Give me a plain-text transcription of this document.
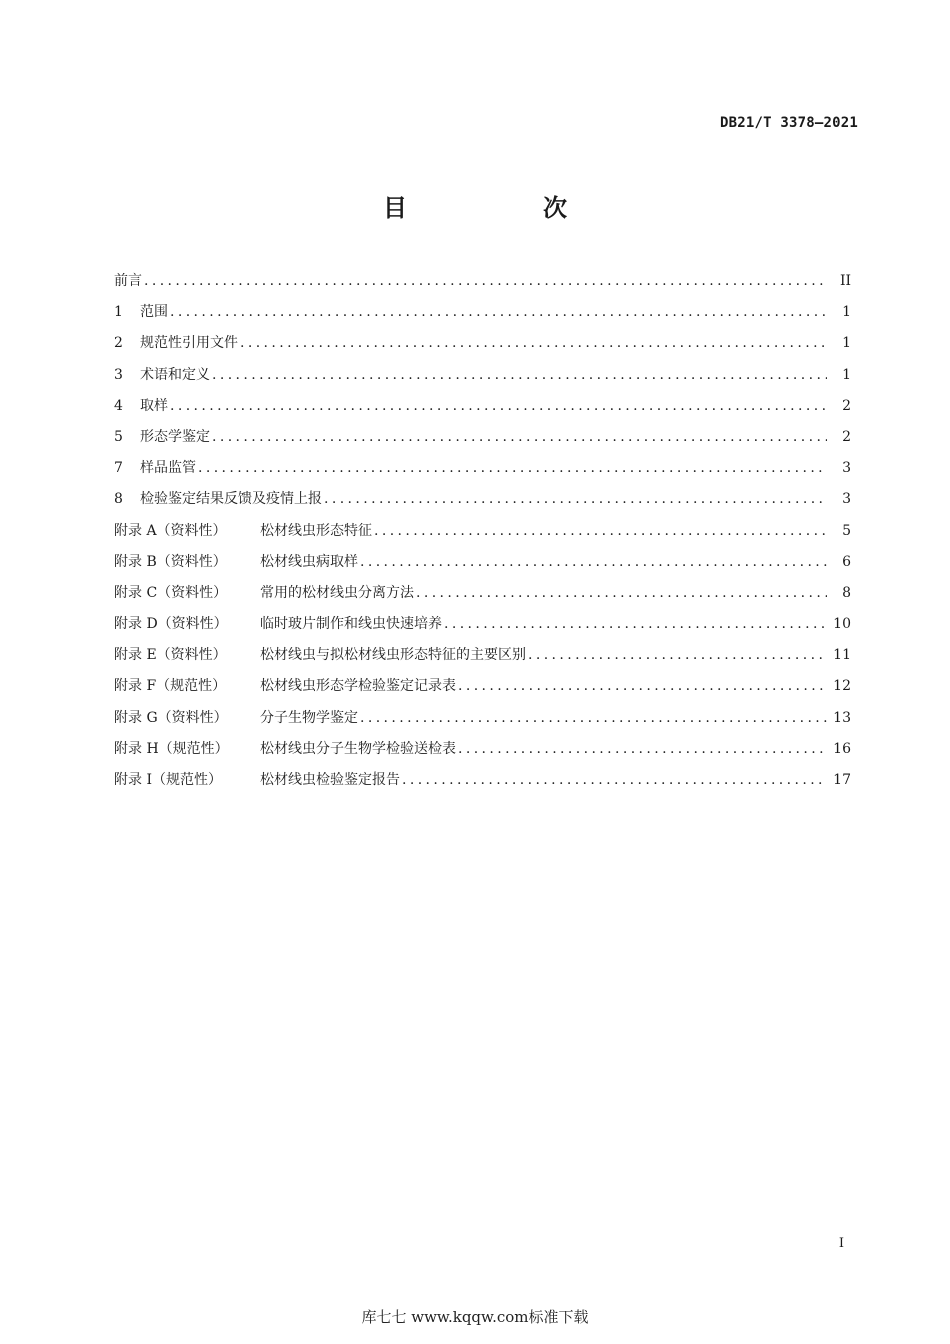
DB21/T 3378—2021
目　次
前言 .....	II
1	范围 .....	1
2	规范性引用文件 .....	1
3	术语和定义 .....	1
4	取样 .....	2
5	形态学鉴定 .....	2
7	样品监管 .....	3
8	检验鉴定结果反馈及疫情上报 .....	3
附录 A（资料性）	松材线虫形态特征 .....	5
附录 B（资料性）	松材线虫病取样 .....	6
附录 C（资料性）	常用的松材线虫分离方法 .....	8
附录 D（资料性）	临时玻片制作和线虫快速培养 .....	10
附录 E（资料性）	松材线虫与拟松材线虫形态特征的主要区别 .....	11
附录 F（规范性）	松材线虫形态学检验鉴定记录表 .....	12
附录 G（资料性）	分子生物学鉴定 .....	13
附录 H（规范性）	松材线虫分子生物学检验送检表 .....	16
附录 I（规范性）	松材线虫检验鉴定报告 .....	17
I
库七七 www.kqqw.com标准下载
